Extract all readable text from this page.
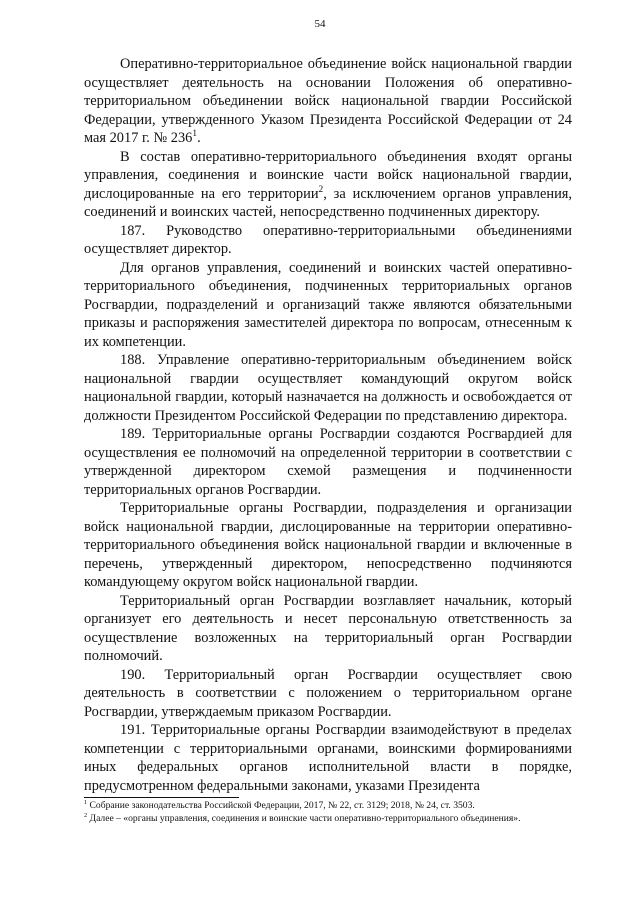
54

Оперативно-территориальное объединение войск национальной гвардии осуществляет деятельность на основании Положения об оперативно-территориальном объединении войск национальной гвардии Российской Федерации, утвержденного Указом Президента Российской Федерации от 24 мая 2017 г. № $236^1$.

В состав оперативно-территориального объединения входят органы управления, соединения и воинские части войск национальной гвардии, дислоцированные на его территории$^2$, за исключением органов управления, соединений и воинских частей, непосредственно подчиненных директору.

187. Руководство оперативно-территориальными объединениями осуществляет директор.

Для органов управления, соединений и воинских частей оперативно-территориального объединения, подчиненных территориальных органов Росгвардии, подразделений и организаций также являются обязательными приказы и распоряжения заместителей директора по вопросам, отнесенным к их компетенции.

188. Управление оперативно-территориальным объединением войск национальной гвардии осуществляет командующий округом войск национальной гвардии, который назначается на должность и освобождается от должности Президентом Российской Федерации по представлению директора.

189. Территориальные органы Росгвардии создаются Росгвардией для осуществления ее полномочий на определенной территории в соответствии с утвержденной директором схемой размещения и подчиненности территориальных органов Росгвардии.

Территориальные органы Росгвардии, подразделения и организации войск национальной гвардии, дислоцированные на территории оперативно-территориального объединения войск национальной гвардии и включенные в перечень, утвержденный директором, непосредственно подчиняются командующему округом войск национальной гвардии.

Территориальный орган Росгвардии возглавляет начальник, который организует его деятельность и несет персональную ответственность за осуществление возложенных на территориальный орган Росгвардии полномочий.

190. Территориальный орган Росгвардии осуществляет свою деятельность в соответствии с положением о территориальном органе Росгвардии, утверждаемым приказом Росгвардии.

191. Территориальные органы Росгвардии взаимодействуют в пределах компетенции с территориальными органами, воинскими формированиями иных федеральных органов исполнительной власти в порядке, предусмотренном федеральными законами, указами Президента

$^1$ Собрание законодательства Российской Федерации, 2017, № 22, ст. 3129; 2018, № 24, ст. 3503.

$^2$ Далее – «органы управления, соединения и воинские части оперативно-территориального объединения».
